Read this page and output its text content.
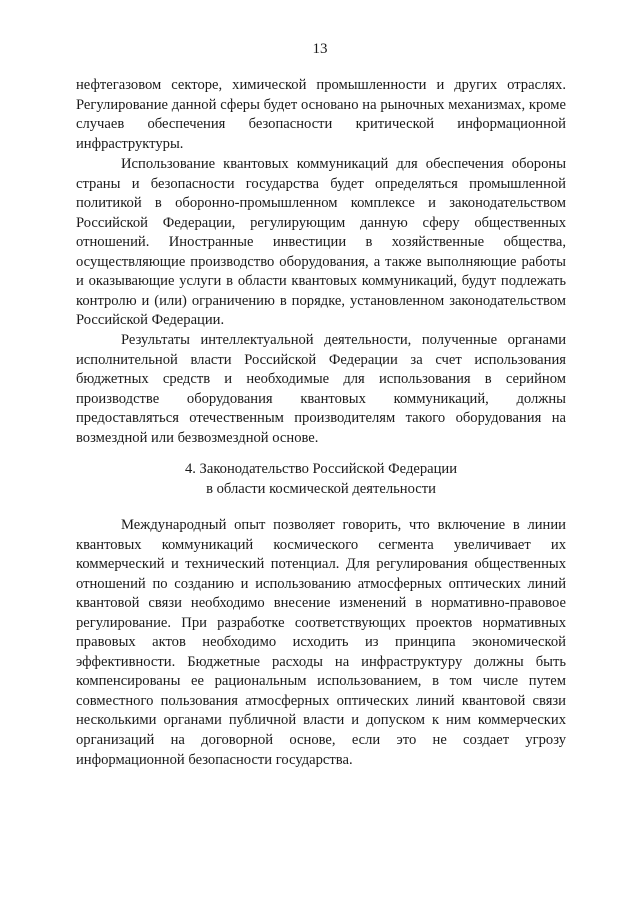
13

нефтегазовом секторе, химической промышленности и других отраслях. Регулирование данной сферы будет основано на рыночных механизмах, кроме случаев обеспечения безопасности критической информационной инфраструктуры.

Использование квантовых коммуникаций для обеспечения обороны страны и безопасности государства будет определяться промышленной политикой в оборонно-промышленном комплексе и законодательством Российской Федерации, регулирующим данную сферу общественных отношений. Иностранные инвестиции в хозяйственные общества, осуществляющие производство оборудования, а также выполняющие работы и оказывающие услуги в области квантовых коммуникаций, будут подлежать контролю и (или) ограничению в порядке, установленном законодательством Российской Федерации.

Результаты интеллектуальной деятельности, полученные органами исполнительной власти Российской Федерации за счет использования бюджетных средств и необходимые для использования в серийном производстве оборудования квантовых коммуникаций, должны предоставляться отечественным производителям такого оборудования на возмездной или безвозмездной основе.

4. Законодательство Российской Федерации
в области космической деятельности

Международный опыт позволяет говорить, что включение в линии квантовых коммуникаций космического сегмента увеличивает их коммерческий и технический потенциал. Для регулирования общественных отношений по созданию и использованию атмосферных оптических линий квантовой связи необходимо внесение изменений в нормативно-правовое регулирование. При разработке соответствующих проектов нормативных правовых актов необходимо исходить из принципа экономической эффективности. Бюджетные расходы на инфраструктуру должны быть компенсированы ее рациональным использованием, в том числе путем совместного пользования атмосферных оптических линий квантовой связи несколькими органами публичной власти и допуском к ним коммерческих организаций на договорной основе, если это не создает угрозу информационной безопасности государства.
